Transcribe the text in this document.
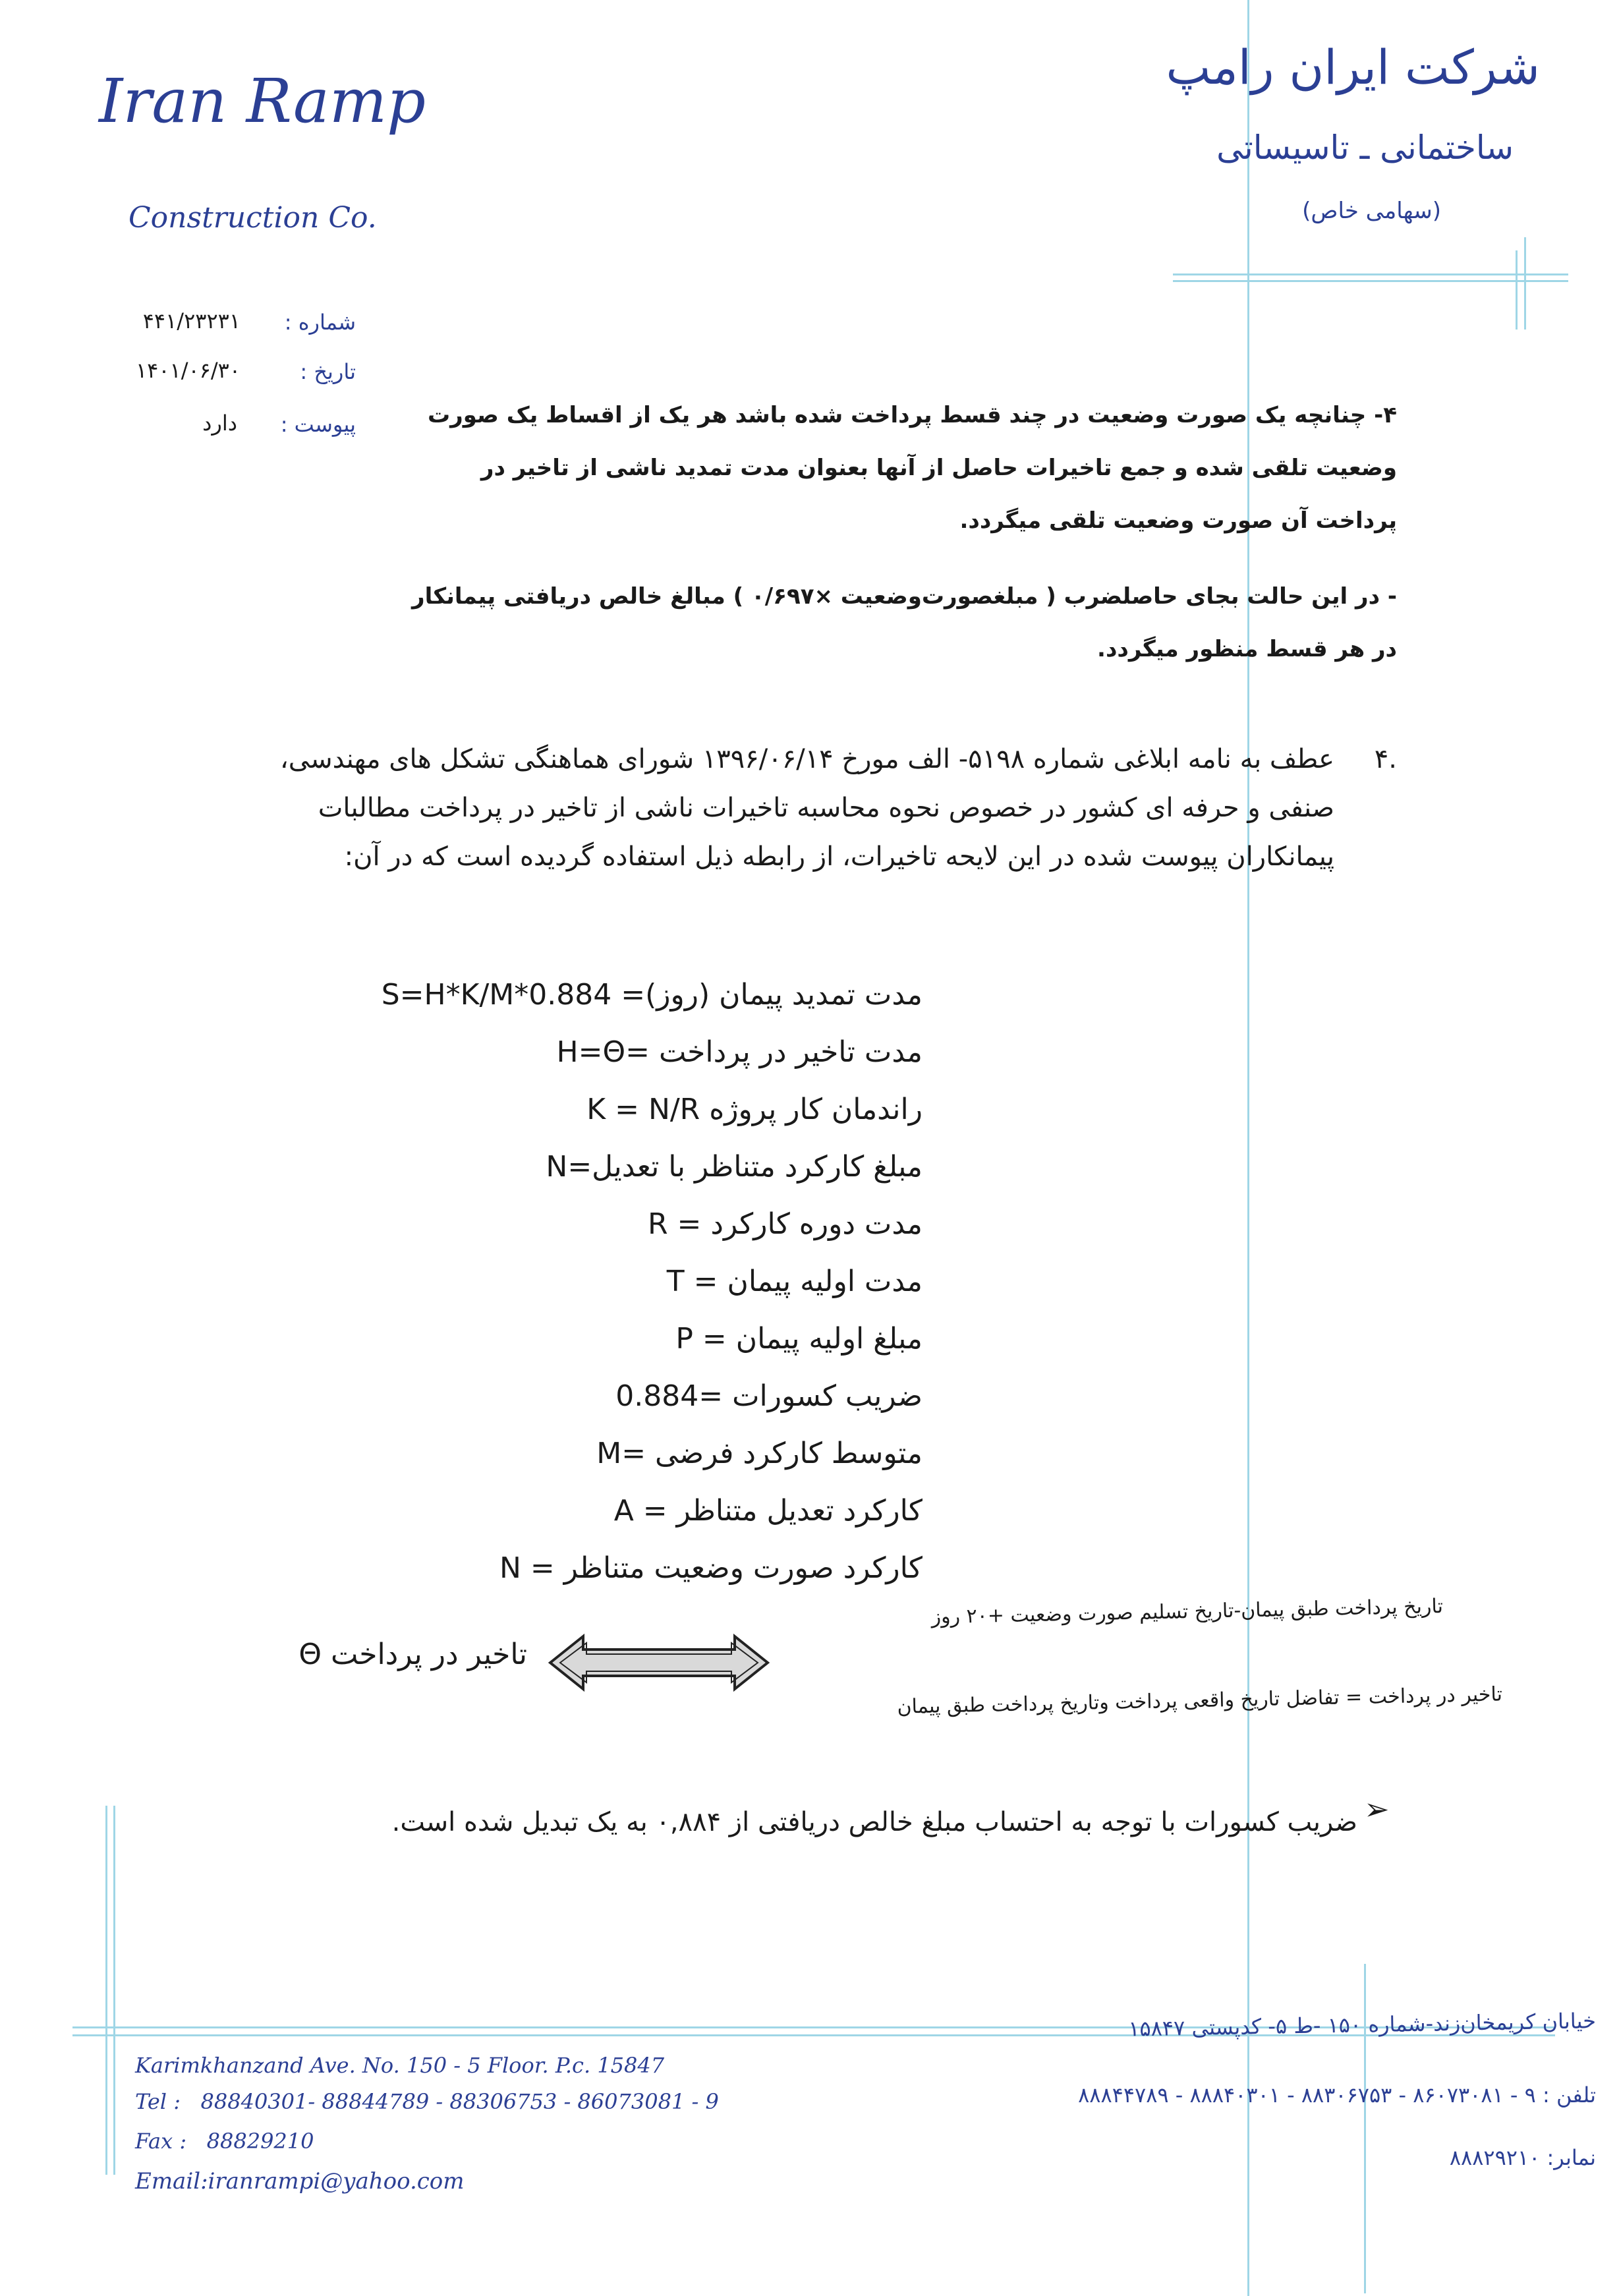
Iran Ramp
Construction Co.
شرکت ایران رامپ
ساختمانی ـ تاسیساتی
(سهامی خاص)
شماره :
۴۴۱/۲۳۲۳۱
تاریخ :
۱۴۰۱/۰۶/۳۰
پیوست :
دارد	۴- چنانچه یک صورت وضعیت در چند قسط پرداخت شده باشد هر یک از اقساط یک صورت وضعیت تلقی شده و جمع تاخیرات حاصل از آنها بعنوان مدت تمدید ناشی از تاخیر در پرداخت آن صورت وضعیت تلقی میگردد.
- در این حالت بجای حاصلضرب ( مبلغصورت‌وضعیت ×۰/۶۹۷ ) مبالغ خالص دریافتی پیمانکار در هر قسط منظور میگردد.
.۴
عطف به نامه ابلاغی شماره ۵۱۹۸- الف مورخ ۱۳۹۶/۰۶/۱۴ شورای هماهنگی تشکل های مهندسی، صنفی و حرفه ای کشور در خصوص نحوه محاسبه تاخیرات ناشی از تاخیر در پرداخت مطالبات پیمانکاران پیوست شده در این لایحه تاخیرات، از رابطه ذیل استفاده گردیده است که در آن:
مدت تمدید پیمان (روز)= S=H*K/M*0.884
مدت تاخیر در پرداخت =H=Θ
راندمان کار پروژه K = N/R
مبلغ کارکرد متناظر با تعدیل=N
مدت دوره کارکرد = R
مدت اولیه پیمان = T
مبلغ اولیه پیمان = P
ضریب کسورات =0.884
متوسط کارکرد فرضی =M
کارکرد تعدیل متناظر = A
کارکرد صورت وضعیت متناظر = N
تاخیر در پرداخت Θ
تاریخ پرداخت طبق پیمان-تاریخ تسلیم صورت وضعیت +۲۰ روز
تاخیر در پرداخت = تفاضل تاریخ واقعی پرداخت وتاریخ پرداخت طبق پیمان
➢
ضریب کسورات با توجه به احتساب مبلغ خالص دریافتی از ۰,۸۸۴ به یک تبدیل شده است.
Karimkhanzand Ave. No. 150 - 5 Floor. P.c. 15847
Tel :   88840301- 88844789 - 88306753 - 86073081 - 9
Fax :   88829210
Email:iranrampi@yahoo.com
خیابان کریمخان‌زند-شماره ۱۵۰ -ط ۵- کدپستی ۱۵۸۴۷
تلفن : ۹ - ۸۶۰۷۳۰۸۱ - ۸۸۳۰۶۷۵۳ - ۸۸۸۴۰۳۰۱ - ۸۸۸۴۴۷۸۹
نمابر: ۸۸۸۲۹۲۱۰
